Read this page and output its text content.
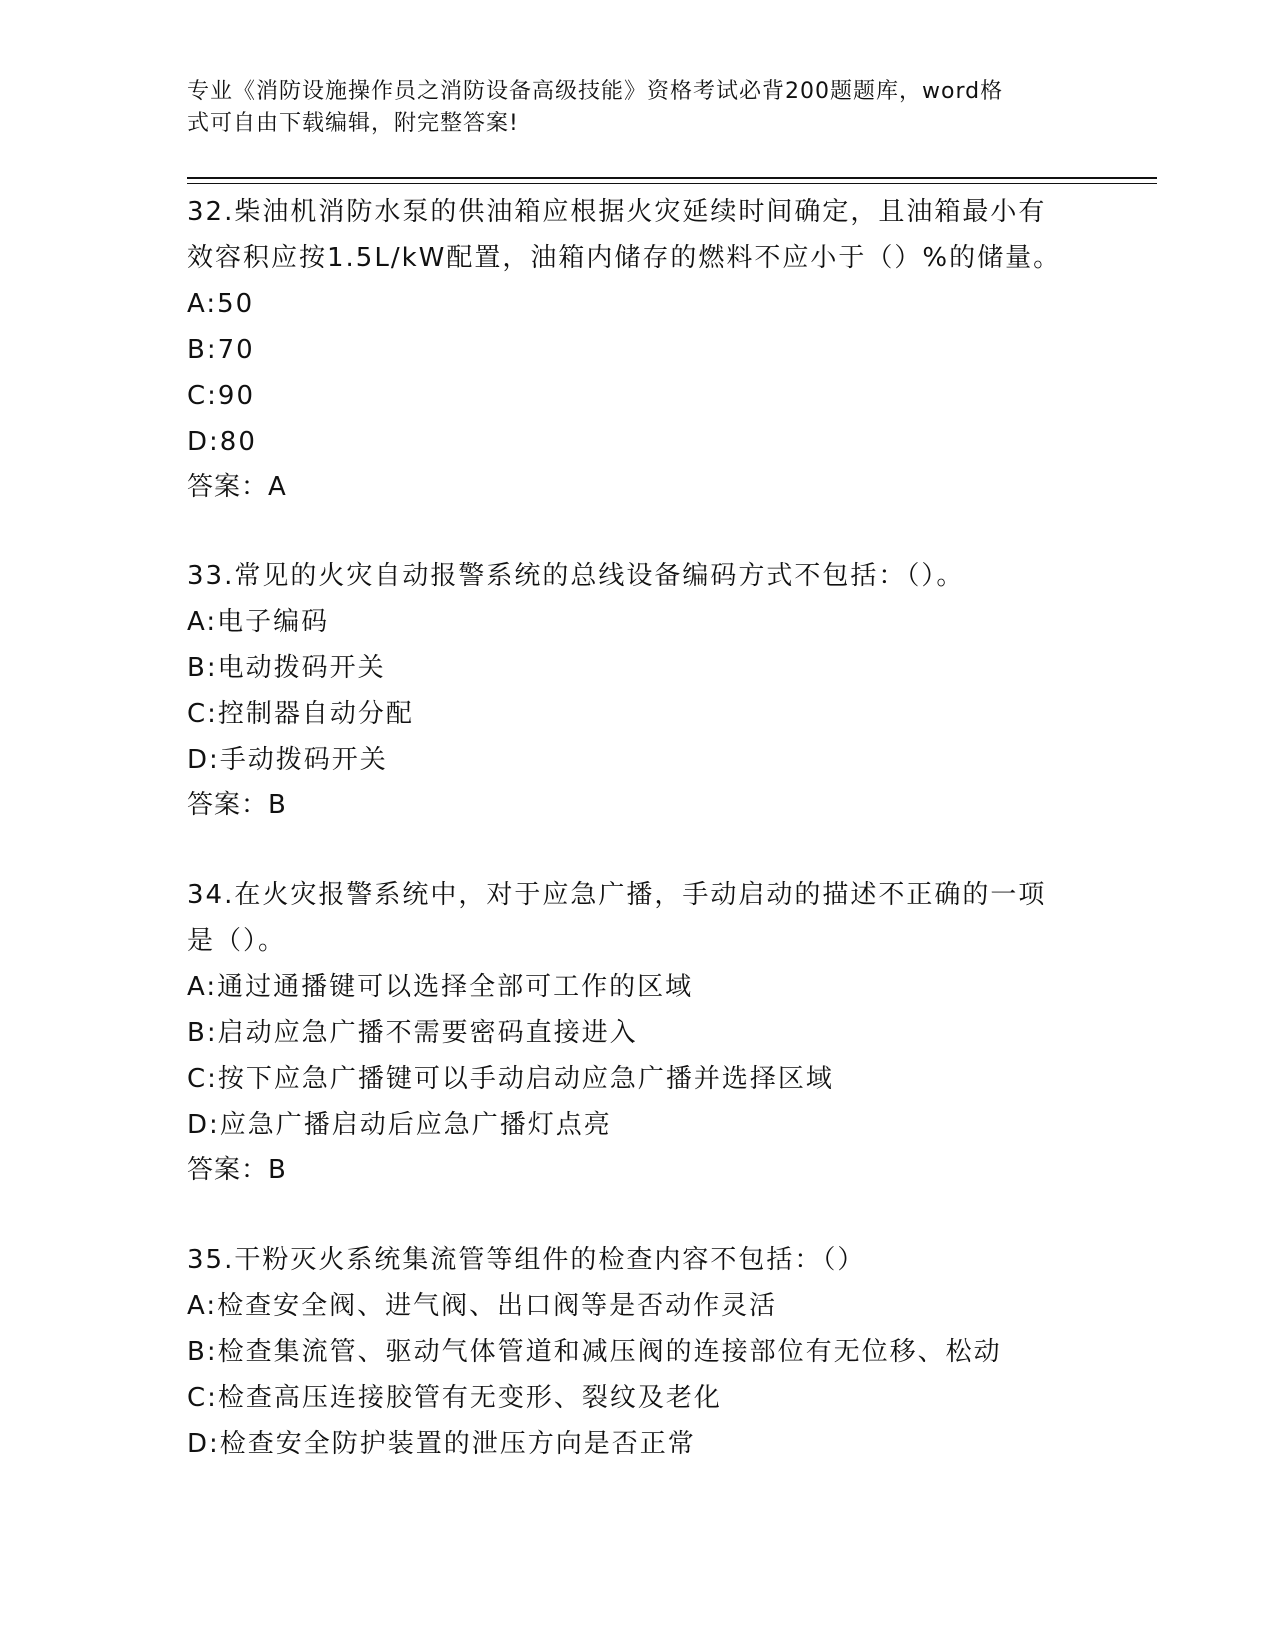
专业《消防设施操作员之消防设备高级技能》资格考试必背200题题库，word格
式可自由下载编辑，附完整答案!

32.柴油机消防水泵的供油箱应根据火灾延续时间确定，且油箱最小有

效容积应按1.5L/kW配置，油箱内储存的燃料不应小于（）%的储量。

A:50

B:70

C:90

D:80

答案：A

33.常见的火灾自动报警系统的总线设备编码方式不包括：（）。

A:电子编码

B:电动拨码开关

C:控制器自动分配

D:手动拨码开关

答案：B

34.在火灾报警系统中，对于应急广播，手动启动的描述不正确的一项

是（）。

A:通过通播键可以选择全部可工作的区域

B:启动应急广播不需要密码直接进入

C:按下应急广播键可以手动启动应急广播并选择区域

D:应急广播启动后应急广播灯点亮

答案：B

35.干粉灭火系统集流管等组件的检查内容不包括：（）

A:检查安全阀、进气阀、出口阀等是否动作灵活

B:检查集流管、驱动气体管道和减压阀的连接部位有无位移、松动

C:检查高压连接胶管有无变形、裂纹及老化

D:检查安全防护装置的泄压方向是否正常
